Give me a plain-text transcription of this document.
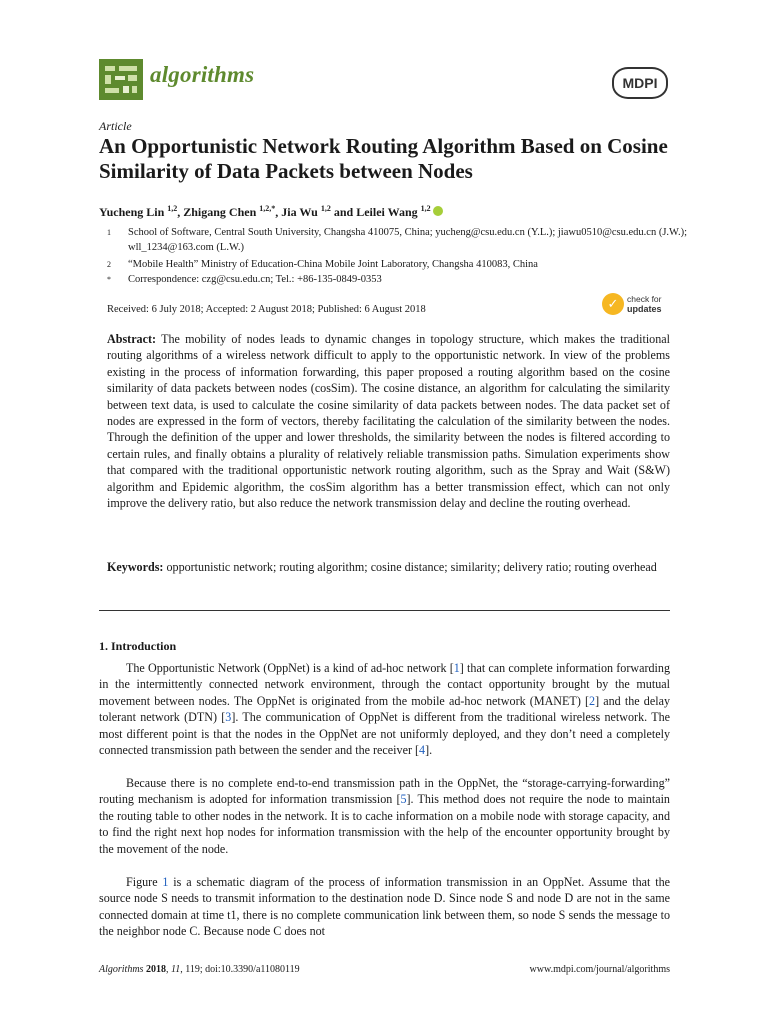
algorithms	MDPI
Article
An Opportunistic Network Routing Algorithm Based on Cosine Similarity of Data Packets between Nodes
Yucheng Lin $^{1,2}$, Zhigang Chen $^{1,2,*}$, Jia Wu $^{1,2}$ and Leilei Wang $^{1,2}$
1 School of Software, Central South University, Changsha 410075, China; yucheng@csu.edu.cn (Y.L.); jiawu0510@csu.edu.cn (J.W.); wll_1234@163.com (L.W.)
2 “Mobile Health” Ministry of Education-China Mobile Joint Laboratory, Changsha 410083, China
* Correspondence: czg@csu.edu.cn; Tel.: +86-135-0849-0353
Received: 6 July 2018; Accepted: 2 August 2018; Published: 6 August 2018	✓	check for
updates
Abstract: The mobility of nodes leads to dynamic changes in topology structure, which makes the traditional routing algorithms of a wireless network difficult to apply to the opportunistic network. In view of the problems existing in the process of information forwarding, this paper proposed a routing algorithm based on the cosine similarity of data packets between nodes (cosSim). The cosine distance, an algorithm for calculating the similarity between text data, is used to calculate the cosine similarity of data packets between nodes. The data packet set of nodes are expressed in the form of vectors, thereby facilitating the calculation of the similarity between the nodes. Through the definition of the upper and lower thresholds, the similarity between the nodes is filtered according to certain rules, and finally obtains a plurality of relatively reliable transmission paths. Simulation experiments show that compared with the traditional opportunistic network routing algorithm, such as the Spray and Wait (S&W) algorithm and Epidemic algorithm, the cosSim algorithm has a better transmission effect, which can not only improve the delivery ratio, but also reduce the network transmission delay and decline the routing overhead.
Keywords: opportunistic network; routing algorithm; cosine distance; similarity; delivery ratio; routing overhead
1. Introduction

The Opportunistic Network (OppNet) is a kind of ad-hoc network [1] that can complete information forwarding in the intermittently connected network environment, through the contact opportunity brought by the mutual movement between nodes. The OppNet is originated from the mobile ad-hoc network (MANET) [2] and the delay tolerant network (DTN) [3]. The communication of OppNet is different from the traditional wireless network. The most different point is that the nodes in the OppNet are not uniformly deployed, and they don’t need a completely connected transmission path between the sender and the receiver [4].

Because there is no complete end-to-end transmission path in the OppNet, the “storage-carrying-forwarding” routing mechanism is adopted for information transmission [5]. This method does not require the node to maintain the routing table to other nodes in the network. It is to cache information on a mobile node with storage capacity, and to find the right next hop nodes for information transmission with the help of the encounter opportunity brought by the movement of the node.

Figure 1 is a schematic diagram of the process of information transmission in an OppNet. Assume that the source node S needs to transmit information to the destination node D. Since node S and node D are not in the same connected domain at time t1, there is no complete communication link between them, so node S sends the message to the neighbor node C. Because node C does not

Algorithms 2018, 11, 119; doi:10.3390/a11080119	www.mdpi.com/journal/algorithms
